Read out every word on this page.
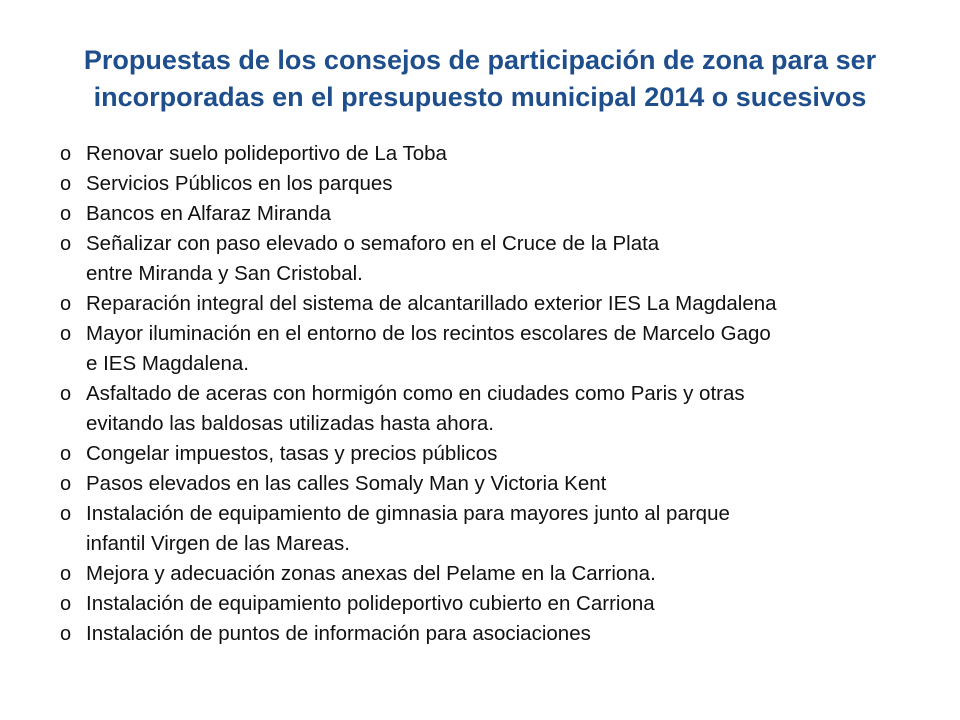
Propuestas de los consejos de participación de zona para ser
incorporadas en el presupuesto municipal 2014 o sucesivos
o Renovar suelo polideportivo de La Toba
o Servicios Públicos en los parques
o Bancos en Alfaraz Miranda
o Señalizar con paso elevado o semaforo en el Cruce de la Plata
entre Miranda y San Cristobal.
o Reparación integral del sistema de alcantarillado exterior IES La Magdalena
o Mayor iluminación en el entorno de los recintos escolares de Marcelo Gago
e IES Magdalena.
o Asfaltado de aceras con hormigón como en ciudades como Paris y otras
evitando las baldosas utilizadas hasta ahora.
o Congelar impuestos, tasas y precios públicos
o Pasos elevados en las calles Somaly Man y Victoria Kent
o Instalación de equipamiento de gimnasia para mayores junto al parque
infantil Virgen de las Mareas.
o Mejora y adecuación zonas anexas del Pelame en la Carriona.
o Instalación de equipamiento polideportivo cubierto en Carriona
o Instalación de puntos de información para asociaciones
